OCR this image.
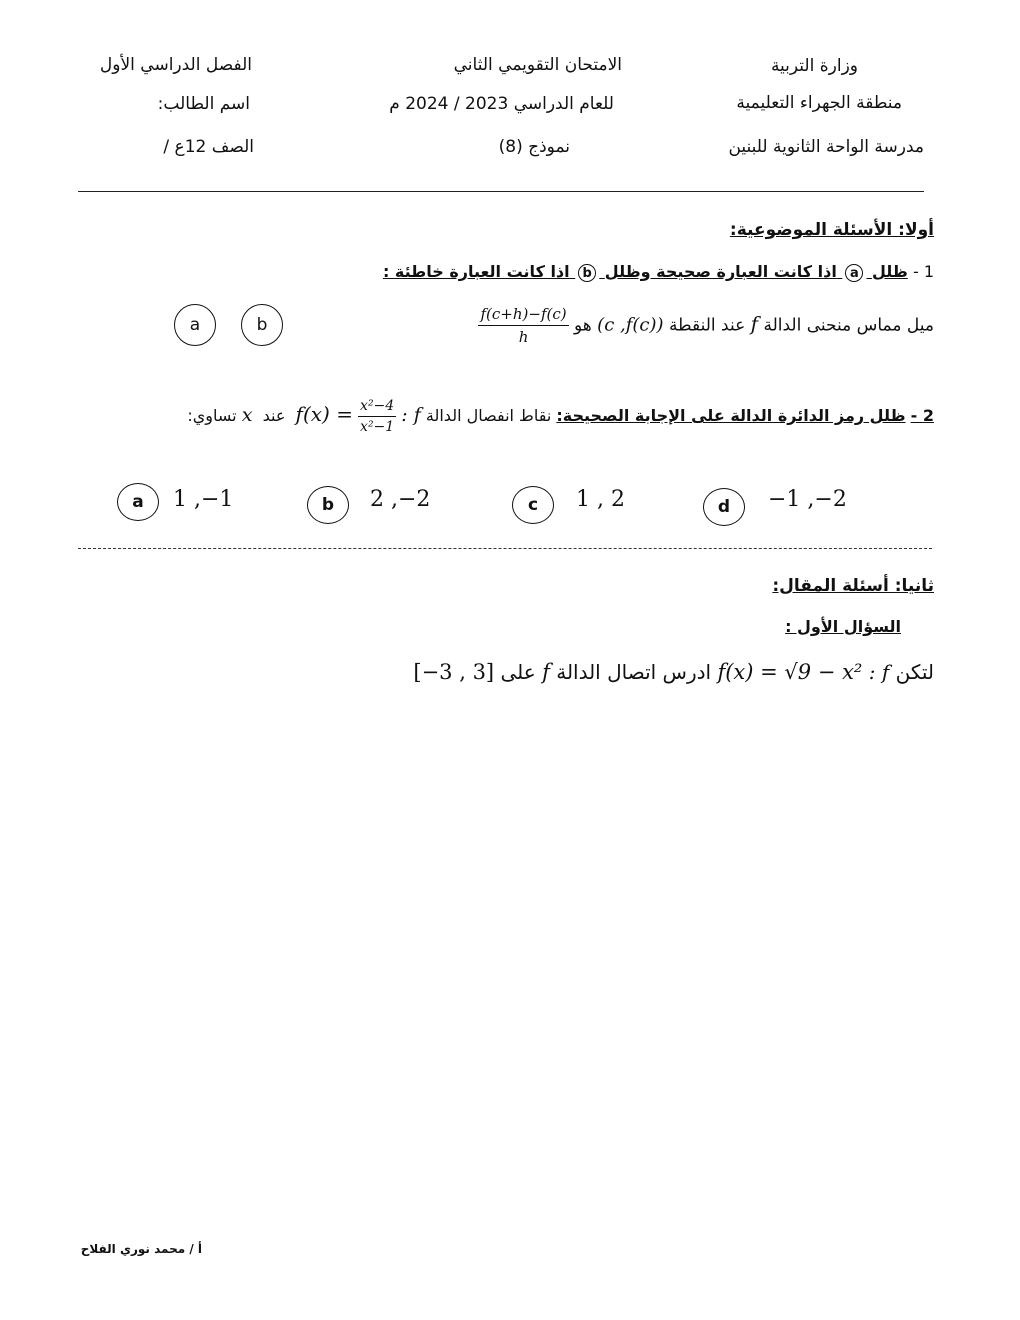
وزارة التربية
منطقة الجهراء التعليمية
مدرسة الواحة الثانوية للبنين
الامتحان التقويمي الثاني
للعام الدراسي 2023 / 2024 م
نموذج (8)
الفصل الدراسي الأول
اسم الطالب:
الصف 12ع /
أولا: الأسئلة الموضوعية:
1 - ظلل a اذا كانت العبارة صحيحة وظلل b اذا كانت العبارة خاطئة :
ميل مماس منحنى الدالة f عند النقطة (c ,f(c)) هو
$\frac{f(c+h)-f(c)}{h}$
b
a
2 - ظلل رمز الدائرة الدالة على الإجابة الصحيحة: نقاط انفصال الدالة f :
$\frac{\text{x²−4}}{\text{x²−1}}$
f(x) =  عند  x تساوي:
a	1 ,−1	b	2 ,−2	c	1 , 2	d	−1 ,−2
ثانيا: أسئلة المقال:
السؤال الأول :
لتكن f : f(x) = √9 − x² ادرس اتصال الدالة f على [−3 , 3]
أ / محمد نوري الفلاح
